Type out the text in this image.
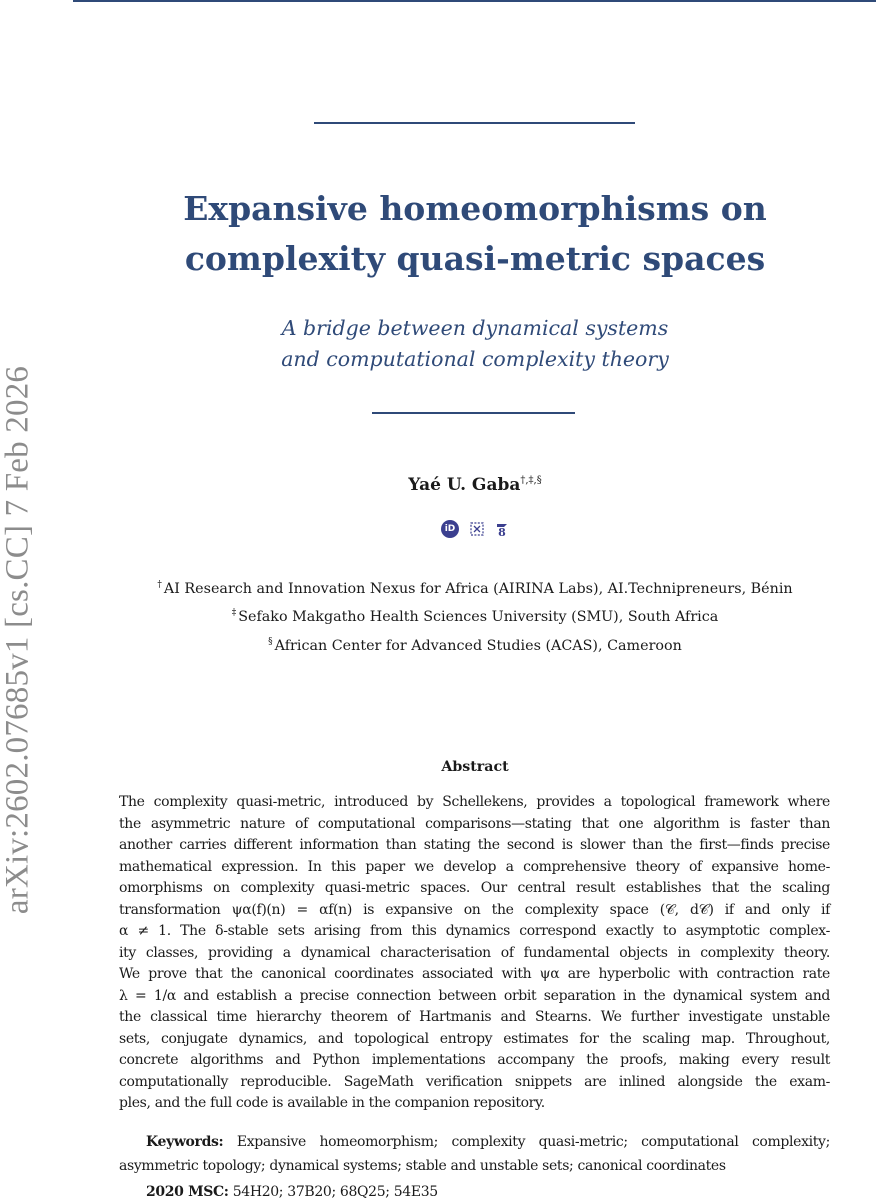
arXiv:2602.07685v1 [cs.CC] 7 Feb 2026
Expansive homeomorphisms on
complexity quasi-metric spaces
A bridge between dynamical systems
and computational complexity theory
Yaé U. Gaba†,‡,§
iD	8
† AI Research and Innovation Nexus for Africa (AIRINA Labs), AI.Technipreneurs, Bénin
‡ Sefako Makgatho Health Sciences University (SMU), South Africa
§ African Center for Advanced Studies (ACAS), Cameroon
Abstract
The complexity quasi-metric, introduced by Schellekens, provides a topological framework where
the asymmetric nature of computational comparisons—stating that one algorithm is faster than
another carries different information than stating the second is slower than the first—finds precise
mathematical expression. In this paper we develop a comprehensive theory of expansive home-
omorphisms on complexity quasi-metric spaces. Our central result establishes that the scaling
transformation ψα(f)(n) = αf(n) is expansive on the complexity space (𝒞, d𝒞) if and only if
α ≠ 1. The δ-stable sets arising from this dynamics correspond exactly to asymptotic complex-
ity classes, providing a dynamical characterisation of fundamental objects in complexity theory.
We prove that the canonical coordinates associated with ψα are hyperbolic with contraction rate
λ = 1/α and establish a precise connection between orbit separation in the dynamical system and
the classical time hierarchy theorem of Hartmanis and Stearns. We further investigate unstable
sets, conjugate dynamics, and topological entropy estimates for the scaling map. Throughout,
concrete algorithms and Python implementations accompany the proofs, making every result
computationally reproducible. SageMath verification snippets are inlined alongside the exam-
ples, and the full code is available in the companion repository.
Keywords: Expansive homeomorphism; complexity quasi-metric; computational complexity;
asymmetric topology; dynamical systems; stable and unstable sets; canonical coordinates
2020 MSC: 54H20; 37B20; 68Q25; 54E35
